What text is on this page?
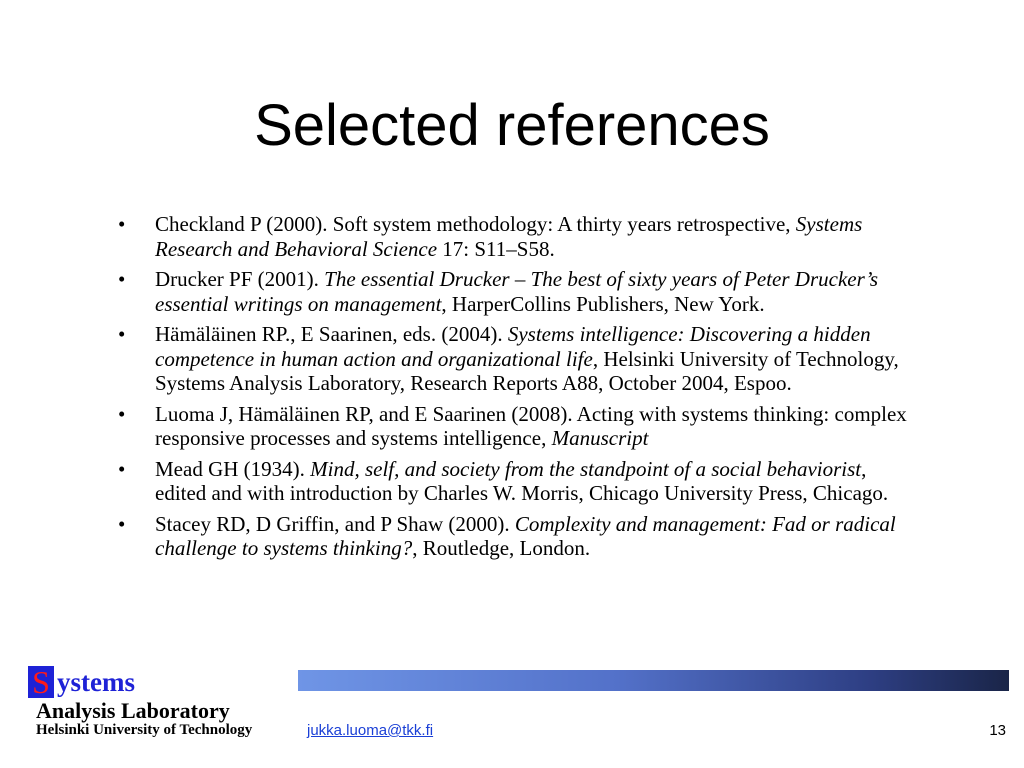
Selected references
•	Checkland P (2000). Soft system methodology: A thirty years retrospective, Systems Research and Behavioral Science 17: S11–S58.
•	Drucker PF (2001). The essential Drucker – The best of sixty years of Peter Drucker’s essential writings on management, HarperCollins Publishers, New York.
•	Hämäläinen RP., E Saarinen, eds. (2004). Systems intelligence: Discovering a hidden competence in human action and organizational life, Helsinki University of Technology, Systems Analysis Laboratory, Research Reports A88, October 2004, Espoo.
•	Luoma J, Hämäläinen RP, and E Saarinen (2008). Acting with systems thinking: complex responsive processes and systems intelligence, Manuscript
•	Mead GH (1934). Mind, self, and society from the standpoint of a social behaviorist, edited and with introduction by Charles W. Morris, Chicago University Press, Chicago.
•	Stacey RD, D Griffin, and P Shaw (2000). Complexity and management: Fad or radical challenge to systems thinking?, Routledge, London.
S ystems
Analysis Laboratory
Helsinki University of Technology	jukka.luoma@tkk.fi	13
